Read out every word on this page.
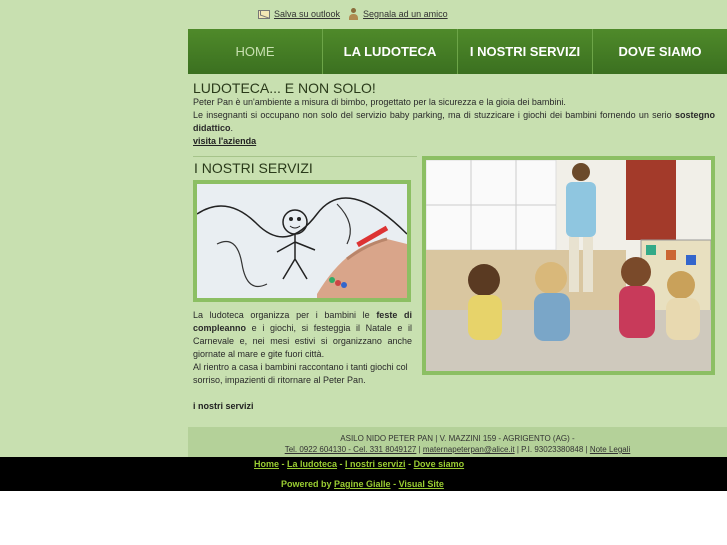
Salva su outlook	Segnala ad un amico
HOME	LA LUDOTECA	I NOSTRI SERVIZI	DOVE SIAMO
LUDOTECA... E NON SOLO!
Peter Pan è un'ambiente a misura di bimbo, progettato per la sicurezza e la gioia dei bambini.
Le insegnanti si occupano non solo del servizio baby parking, ma di stuzzicare i giochi dei bambini fornendo un serio sostegno didattico.
visita l'azienda
I NOSTRI SERVIZI
La ludoteca organizza per i bambini le feste di compleanno e i giochi, si festeggia il Natale e il Carnevale e, nei mesi estivi si organizzano anche giornate al mare e gite fuori città.
Al rientro a casa i bambini raccontano i tanti giochi col sorriso, impazienti di ritornare al Peter Pan.
i nostri servizi
ASILO NIDO PETER PAN | V. MAZZINI 159 - AGRIGENTO (AG) -
Tel. 0922 604130 - Cel. 331 8049127 | maternapeterpan@alice.it | P.I. 93023380848 | Note Legali
Home - La ludoteca - I nostri servizi - Dove siamo
Powered by Pagine Gialle - Visual Site
